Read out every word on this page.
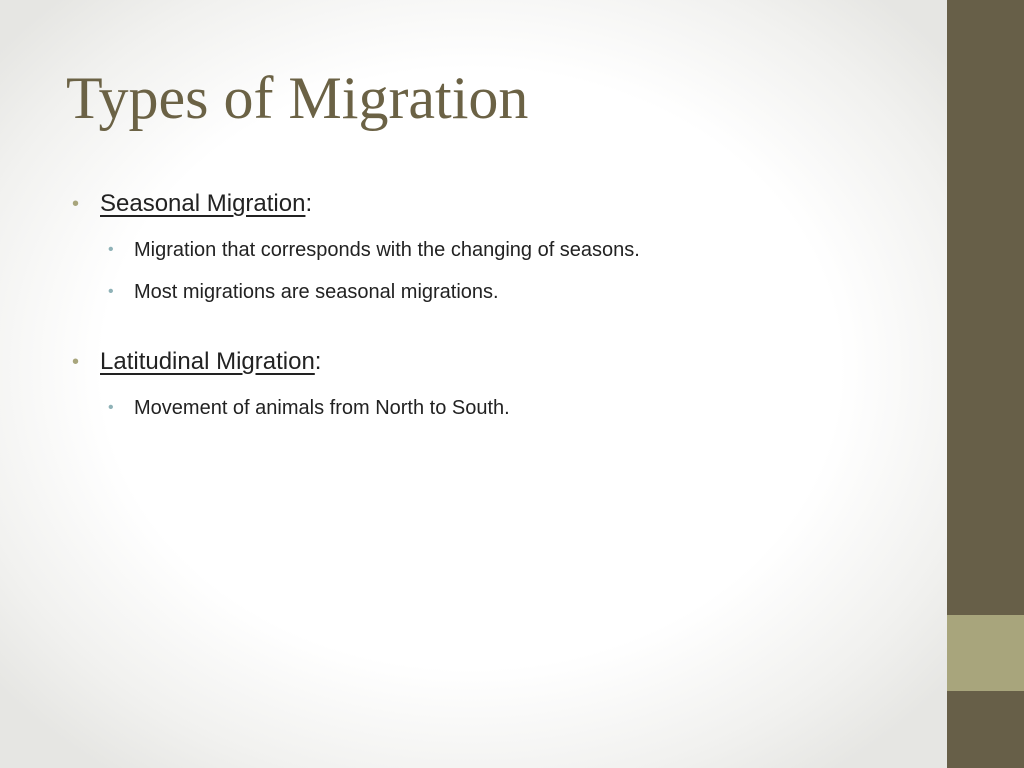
Types of Migration
• Seasonal Migration:
• Migration that corresponds with the changing of seasons.
• Most migrations are seasonal migrations.
• Latitudinal Migration:
• Movement of animals from North to South.
